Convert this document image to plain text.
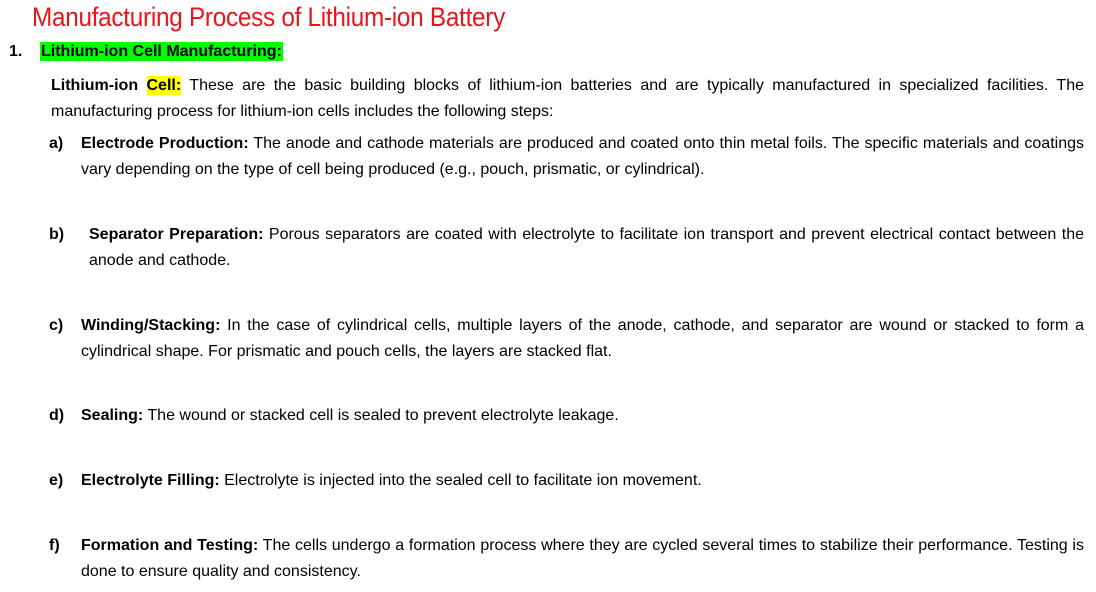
Manufacturing Process of Lithium-ion Battery
1. Lithium-ion Cell Manufacturing:
Lithium-ion Cell: These are the basic building blocks of lithium-ion batteries and are typically manufactured in specialized facilities. The manufacturing process for lithium-ion cells includes the following steps:
a) Electrode Production: The anode and cathode materials are produced and coated onto thin metal foils. The specific materials and coatings vary depending on the type of cell being produced (e.g., pouch, prismatic, or cylindrical).
b)	Separator Preparation: Porous separators are coated with electrolyte to facilitate ion transport and prevent electrical contact between the anode and cathode.
c) Winding/Stacking: In the case of cylindrical cells, multiple layers of the anode, cathode, and separator are wound or stacked to form a cylindrical shape. For prismatic and pouch cells, the layers are stacked flat.
d) Sealing: The wound or stacked cell is sealed to prevent electrolyte leakage.
e) Electrolyte Filling: Electrolyte is injected into the sealed cell to facilitate ion movement.
f) Formation and Testing: The cells undergo a formation process where they are cycled several times to stabilize their performance. Testing is done to ensure quality and consistency.
